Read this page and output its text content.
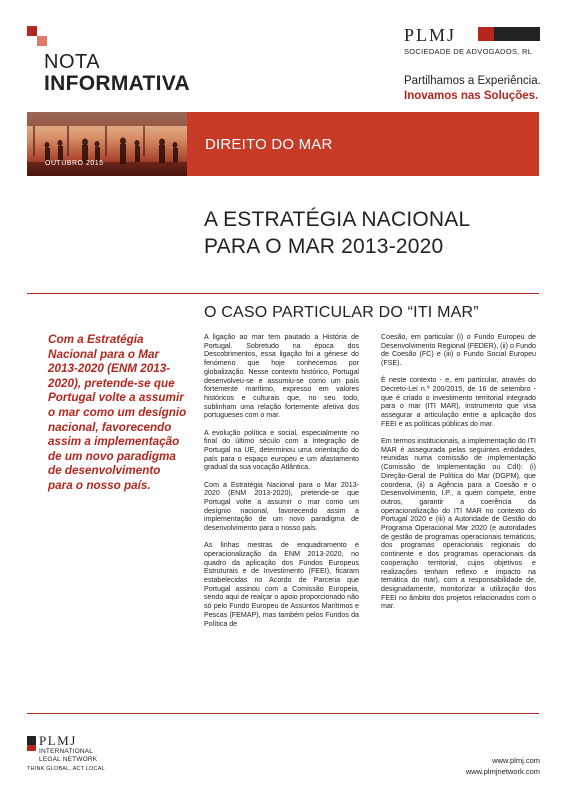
NOTA
INFORMATIVA
PLMJ
SOCIEDADE DE ADVOGADOS, RL
Partilhamos a Experiência.
Inovamos nas Soluções.
OUTUBRO 2015
DIREITO DO MAR
A ESTRATÉGIA NACIONAL
PARA O MAR 2013-2020
O CASO PARTICULAR DO “ITI MAR”
Com a Estratégia Nacional para o Mar 2013-2020 (ENM 2013-2020), pretende-se que Portugal volte a assumir o mar como um desígnio nacional, favorecendo assim a implementação de um novo paradigma de desenvolvimento para o nosso país.

A ligação ao mar tem pautado a História de Portugal. Sobretudo na época dos Descobrimentos, essa ligação foi a génese do fenómeno que hoje conhecemos por globalização. Nesse contexto histórico, Portugal desenvolveu-se e assumiu-se como um país fortemente marítimo, expresso em valores históricos e culturais que, no seu todo, sublinham uma relação fortemente afetiva dos portugueses com o mar.

A evolução política e social, especialmente no final do último século com a integração de Portugal na UE, determinou uma orientação do país para o espaço europeu e um afastamento gradual da sua vocação Atlântica.

Com a Estratégia Nacional para o Mar 2013-2020 (ENM 2013-2020), pretende-se que Portugal volte a assumir o mar como um desígnio nacional, favorecendo assim a implementação de um novo paradigma de desenvolvimento para o nosso país.

As linhas mestras de enquadramento e operacionalização da ENM 2013-2020, no quadro da aplicação dos Fundos Europeus Estruturais e de Investimento (FEEI), ficaram estabelecidas no Acordo de Parceria que Portugal assinou com a Comissão Europeia, sendo aqui de realçar o apoio proporcionado não só pelo Fundo Europeu de Assuntos Marítimos e Pescas (FEMAP), mas também pelos Fundos da Política de

Coesão, em particular (i) o Fundo Europeu de Desenvolvimento Regional (FEDER), (ii) o Fundo de Coesão (FC) e (iii) o Fundo Social Europeu (FSE).

É neste contexto - e, em particular, através do Decreto-Lei n.º 200/2015, de 16 de setembro - que é criado o investimento territorial integrado para o mar (ITI MAR), instrumento que visa assegurar a articulação entre a aplicação dos FEEI e as políticas públicas do mar.

Em termos institucionais, a implementação do ITI MAR é assegurada pelas seguintes entidades, reunidas numa comissão de implementação (Comissão de Implementação ou CdI): (i) Direção-Geral de Política do Mar (DGPM), que coordena, (ii) a Agência para a Coesão e o Desenvolvimento, I.P., a quem compete, entre outros, garantir a coerência da operacionalização do ITI MAR no contexto do Portugal 2020 e (iii) a Autoridade de Gestão do Programa Operacional Mar 2020 (e autoridades de gestão de programas operacionais temáticos, dos programas operacionais regionais do continente e dos programas operacionais da cooperação territorial, cujos objetivos e realizações tenham reflexo e impacto na temática do mar), com a responsabilidade de, designadamente, monitorizar a utilização dos FEEI no âmbito dos projetos relacionados com o mar.

PLMJ
INTERNATIONAL
LEGAL NETWORK
THINK GLOBAL, ACT LOCAL
www.plmj.com
www.plmjnetwork.com
